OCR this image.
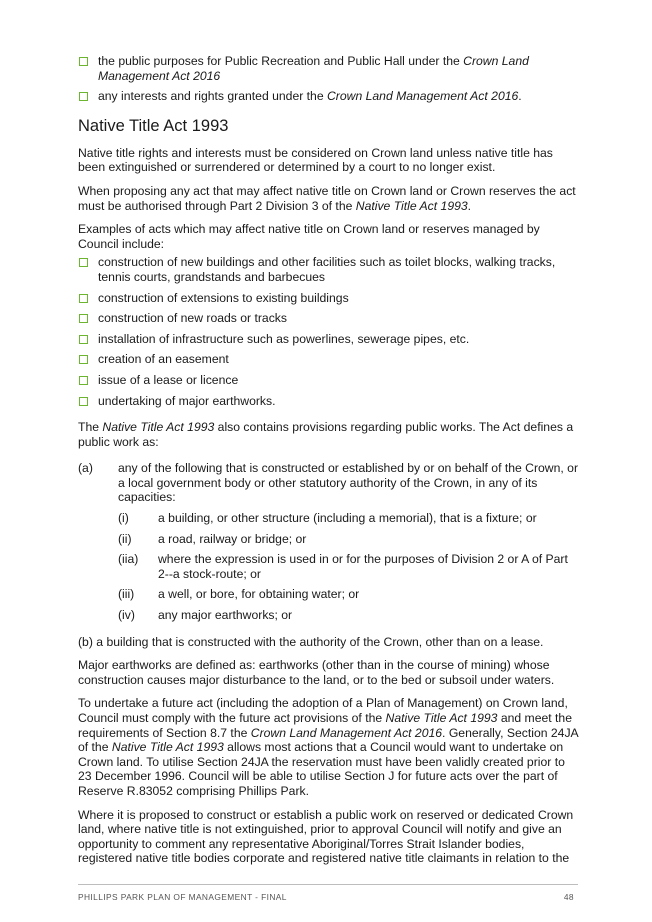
the public purposes for Public Recreation and Public Hall under the Crown Land Management Act 2016
any interests and rights granted under the Crown Land Management Act 2016.
Native Title Act 1993

Native title rights and interests must be considered on Crown land unless native title has been extinguished or surrendered or determined by a court to no longer exist.

When proposing any act that may affect native title on Crown land or Crown reserves the act must be authorised through Part 2 Division 3 of the Native Title Act 1993.

Examples of acts which may affect native title on Crown land or reserves managed by Council include:

construction of new buildings and other facilities such as toilet blocks, walking tracks, tennis courts, grandstands and barbecues
construction of extensions to existing buildings
construction of new roads or tracks
installation of infrastructure such as powerlines, sewerage pipes, etc.
creation of an easement
issue of a lease or licence
undertaking of major earthworks.

The Native Title Act 1993 also contains provisions regarding public works. The Act defines a public work as:

(a) any of the following that is constructed or established by or on behalf of the Crown, or a local government body or other statutory authority of the Crown, in any of its capacities:
(i) a building, or other structure (including a memorial), that is a fixture; or
(ii) a road, railway or bridge; or
(iia) where the expression is used in or for the purposes of Division 2 or A of Part 2--a stock-route; or
(iii) a well, or bore, for obtaining water; or
(iv) any major earthworks; or

(b) a building that is constructed with the authority of the Crown, other than on a lease.

Major earthworks are defined as: earthworks (other than in the course of mining) whose construction causes major disturbance to the land, or to the bed or subsoil under waters.

To undertake a future act (including the adoption of a Plan of Management) on Crown land, Council must comply with the future act provisions of the Native Title Act 1993 and meet the requirements of Section 8.7 the Crown Land Management Act 2016. Generally, Section 24JA of the Native Title Act 1993 allows most actions that a Council would want to undertake on Crown land. To utilise Section 24JA the reservation must have been validly created prior to 23 December 1996. Council will be able to utilise Section J for future acts over the part of Reserve R.83052 comprising Phillips Park.

Where it is proposed to construct or establish a public work on reserved or dedicated Crown land, where native title is not extinguished, prior to approval Council will notify and give an opportunity to comment any representative Aboriginal/Torres Strait Islander bodies, registered native title bodies corporate and registered native title claimants in relation to the

PHILLIPS PARK PLAN OF MANAGEMENT - FINAL	48
